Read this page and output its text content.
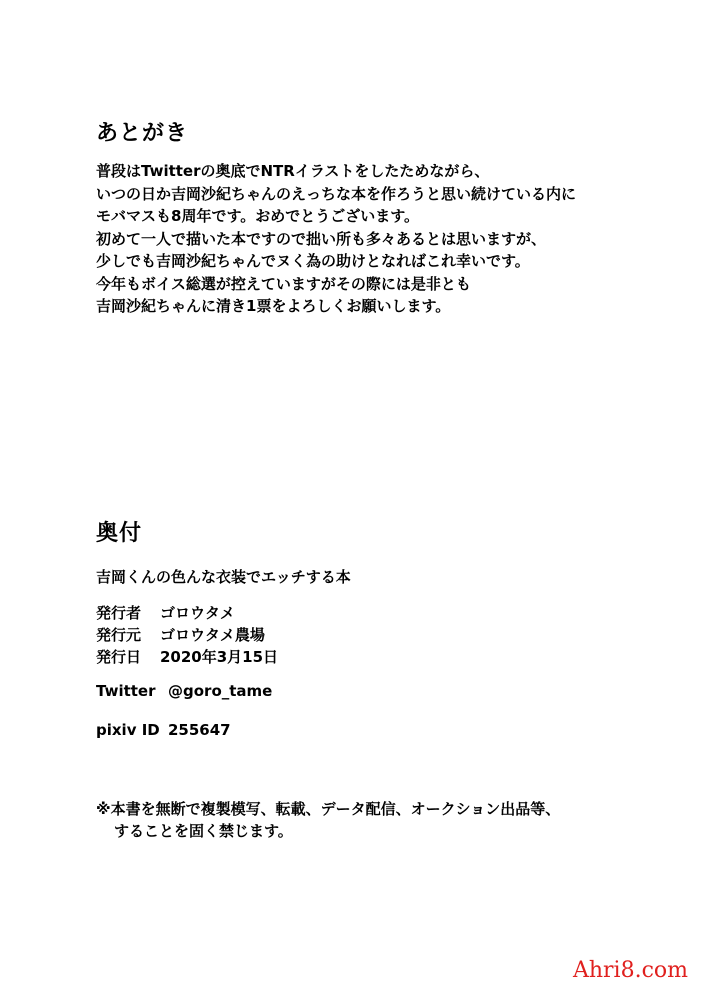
あとがき
普段はTwitterの奥底でNTRイラストをしたためながら、
いつの日か吉岡沙紀ちゃんのえっちな本を作ろうと思い続けている内に
モバマスも8周年です。おめでとうございます。
初めて一人で描いた本ですので拙い所も多々あるとは思いますが、
少しでも吉岡沙紀ちゃんでヌく為の助けとなればこれ幸いです。
今年もボイス総選が控えていますがその際には是非とも
吉岡沙紀ちゃんに清き1票をよろしくお願いします。
奥付
吉岡くんの色んな衣装でエッチする本
発行者	ゴロウタメ
発行元	ゴロウタメ農場
発行日	2020年3月15日
Twitter @goro_tame
pixiv ID 255647
※本書を無断で複製模写、転載、データ配信、オークション出品等、
することを固く禁じます。
Ahri8.com
